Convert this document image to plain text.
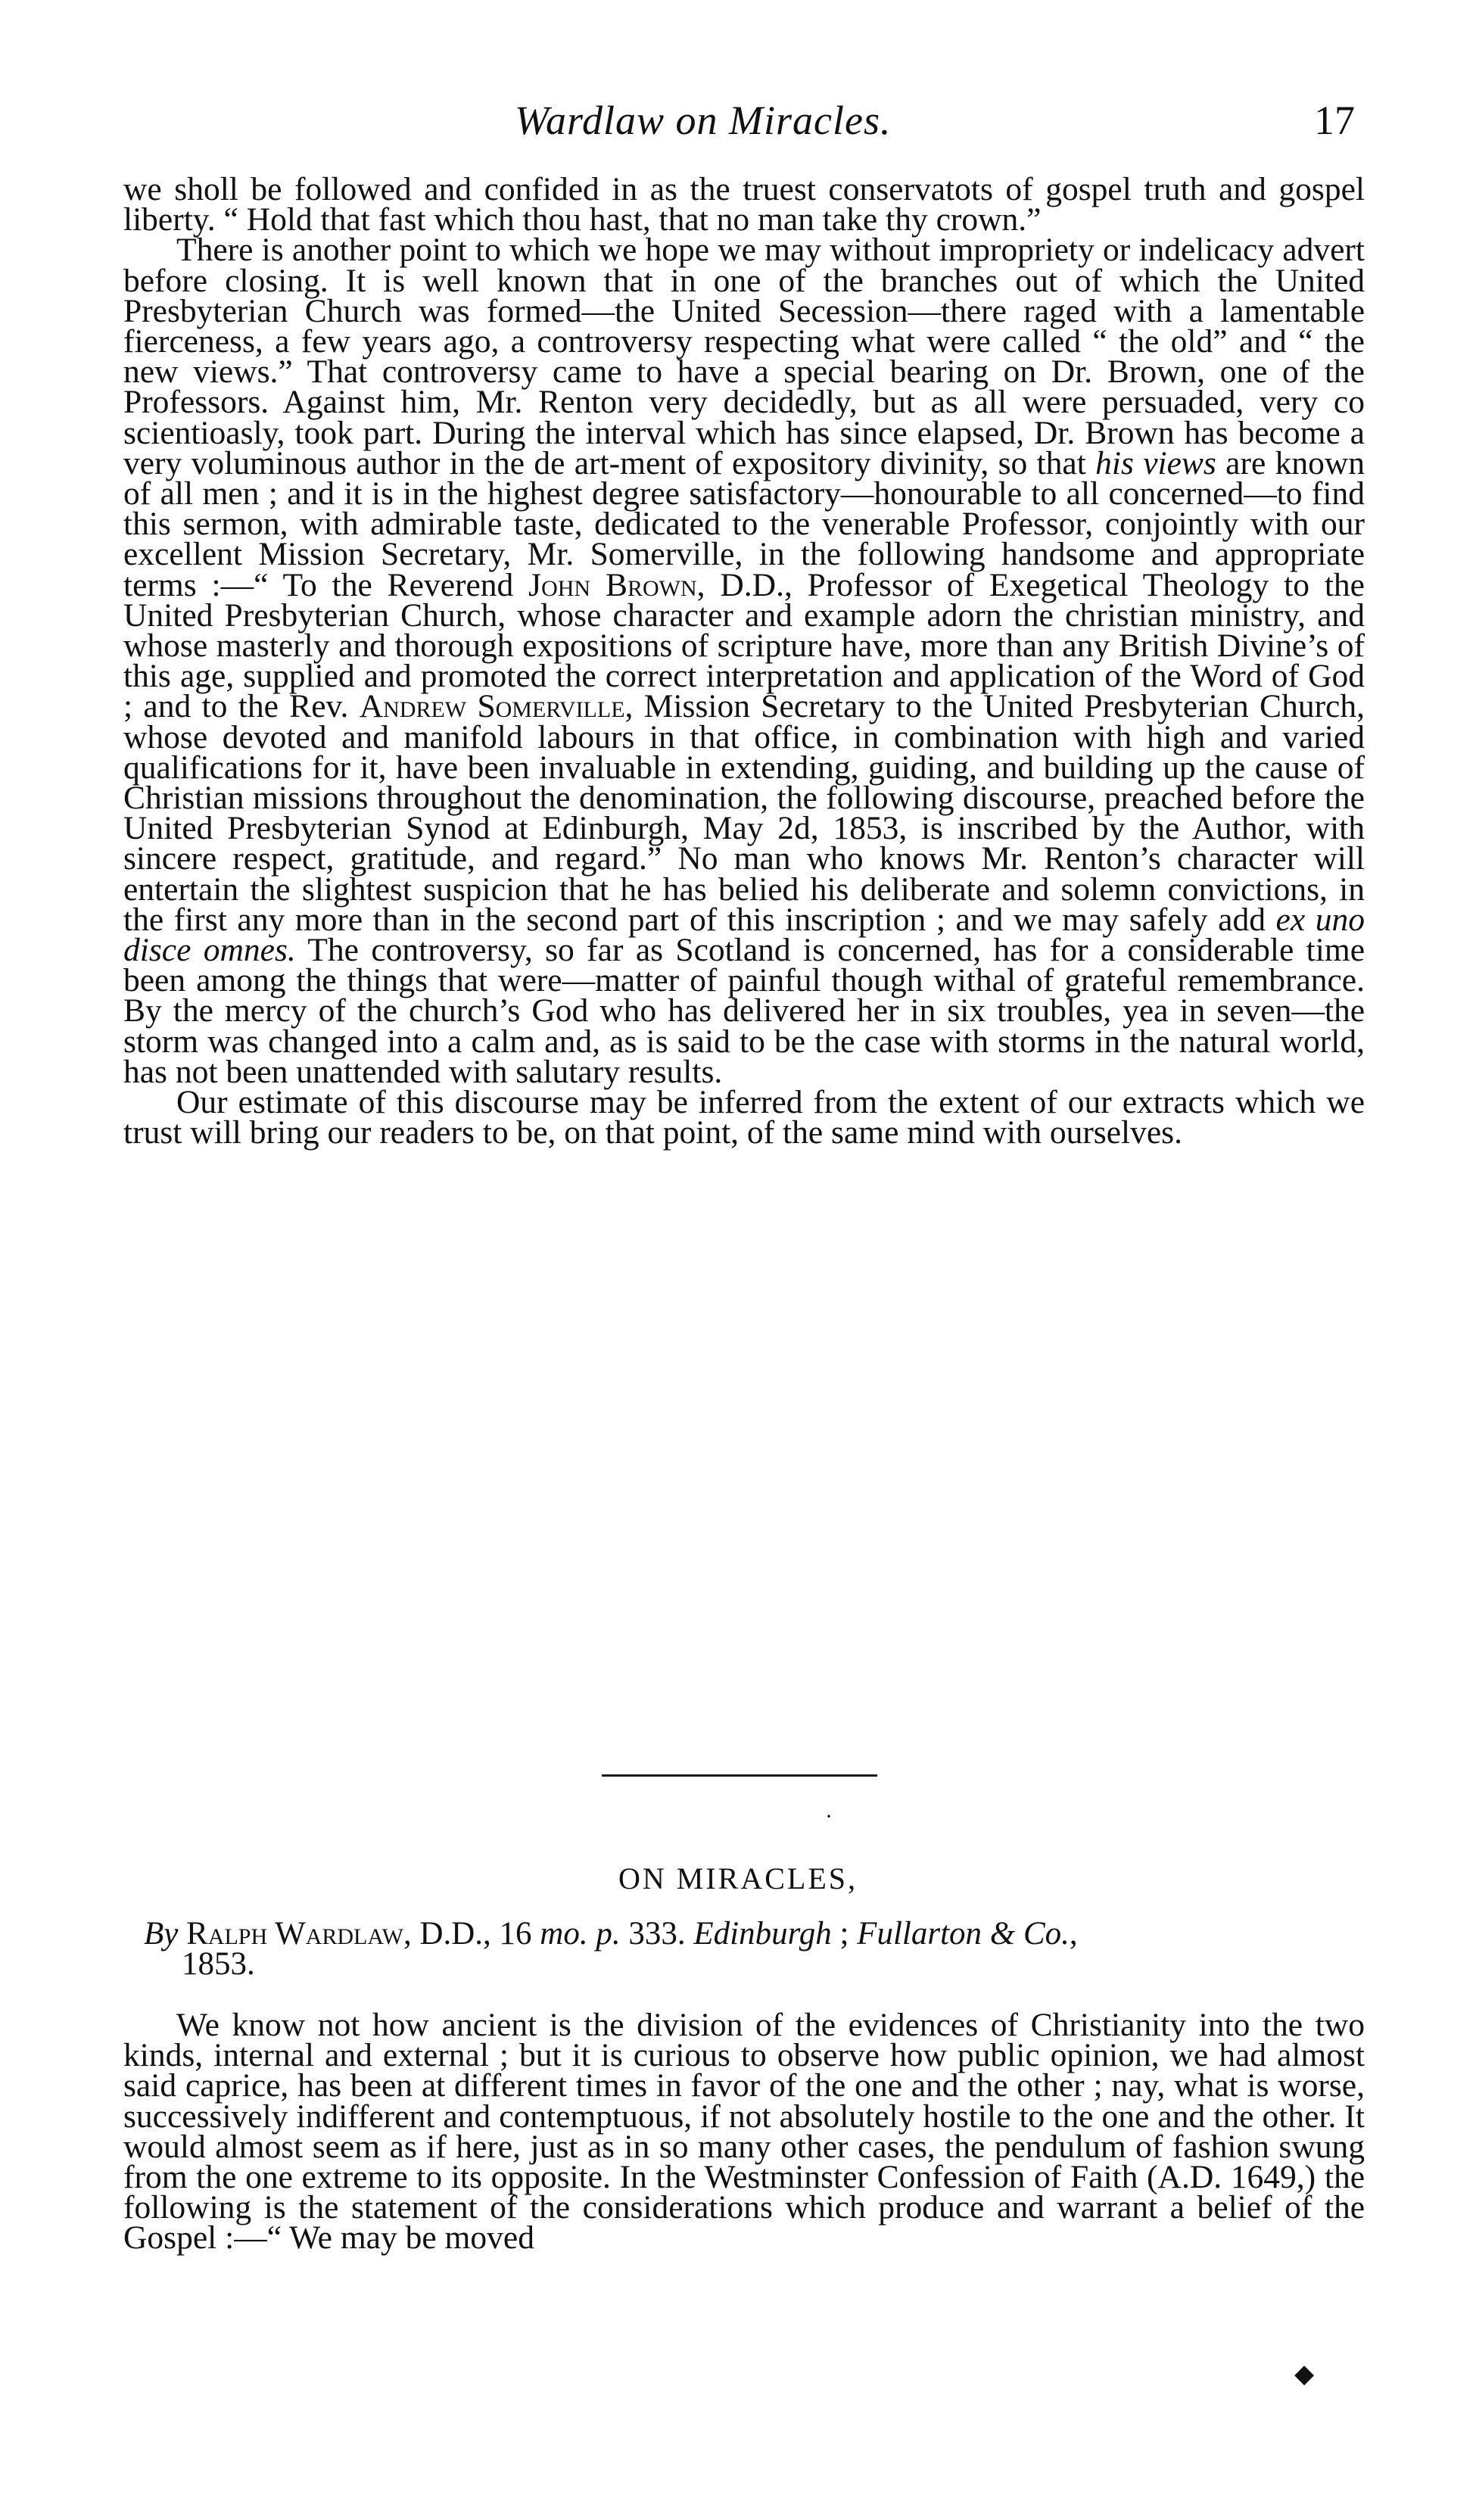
Wardlaw on Miracles.	17

we sholl be followed and confided in as the truest conservatots of gospel truth and gospel liberty. “ Hold that fast which thou hast, that no man take thy crown.”

There is another point to which we hope we may without impropriety or indelicacy advert before closing. It is well known that in one of the branches out of which the United Presbyterian Church was formed—the United Secession—there raged with a lamentable fierceness, a few years ago, a controversy respecting what were called “ the old” and “ the new views.” That controversy came to have a special bearing on Dr. Brown, one of the Professors. Against him, Mr. Renton very decidedly, but as all were persuaded, very co scientioasly, took part. During the interval which has since elapsed, Dr. Brown has become a very voluminous author in the de art-ment of expository divinity, so that his views are known of all men ; and it is in the highest degree satisfactory—honourable to all concerned—to find this sermon, with admirable taste, dedicated to the venerable Professor, conjointly with our excellent Mission Secretary, Mr. Somerville, in the following handsome and appropriate terms :—“ To the Reverend John Brown, D.D., Professor of Exegetical Theology to the United Presbyterian Church, whose character and example adorn the christian ministry, and whose masterly and thorough expositions of scripture have, more than any British Divine’s of this age, supplied and promoted the correct interpretation and application of the Word of God ; and to the Rev. Andrew Somerville, Mission Secretary to the United Presbyterian Church, whose devoted and manifold labours in that office, in combination with high and varied qualifications for it, have been invaluable in extending, guiding, and building up the cause of Christian missions throughout the denomination, the following discourse, preached before the United Presbyterian Synod at Edinburgh, May 2d, 1853, is inscribed by the Author, with sincere respect, gratitude, and regard.” No man who knows Mr. Renton’s character will entertain the slightest suspicion that he has belied his deliberate and solemn convictions, in the first any more than in the second part of this inscription ; and we may safely add ex uno disce omnes. The controversy, so far as Scotland is concerned, has for a considerable time been among the things that were—matter of painful though withal of grateful remembrance. By the mercy of the church’s God who has delivered her in six troubles, yea in seven—the storm was changed into a calm and, as is said to be the case with storms in the natural world, has not been unattended with salutary results.

Our estimate of this discourse may be inferred from the extent of our extracts which we trust will bring our readers to be, on that point, of the same mind with ourselves.

·
ON MIRACLES,
By Ralph Wardlaw, D.D., 16 mo. p. 333. Edinburgh ; Fullarton & Co.,
1853.

We know not how ancient is the division of the evidences of Christianity into the two kinds, internal and external ; but it is curious to observe how public opinion, we had almost said caprice, has been at different times in favor of the one and the other ; nay, what is worse, successively indifferent and contemptuous, if not absolutely hostile to the one and the other. It would almost seem as if here, just as in so many other cases, the pendulum of fashion swung from the one extreme to its opposite. In the Westminster Confession of Faith (A.D. 1649,) the following is the statement of the considerations which produce and warrant a belief of the Gospel :—“ We may be moved

◆
